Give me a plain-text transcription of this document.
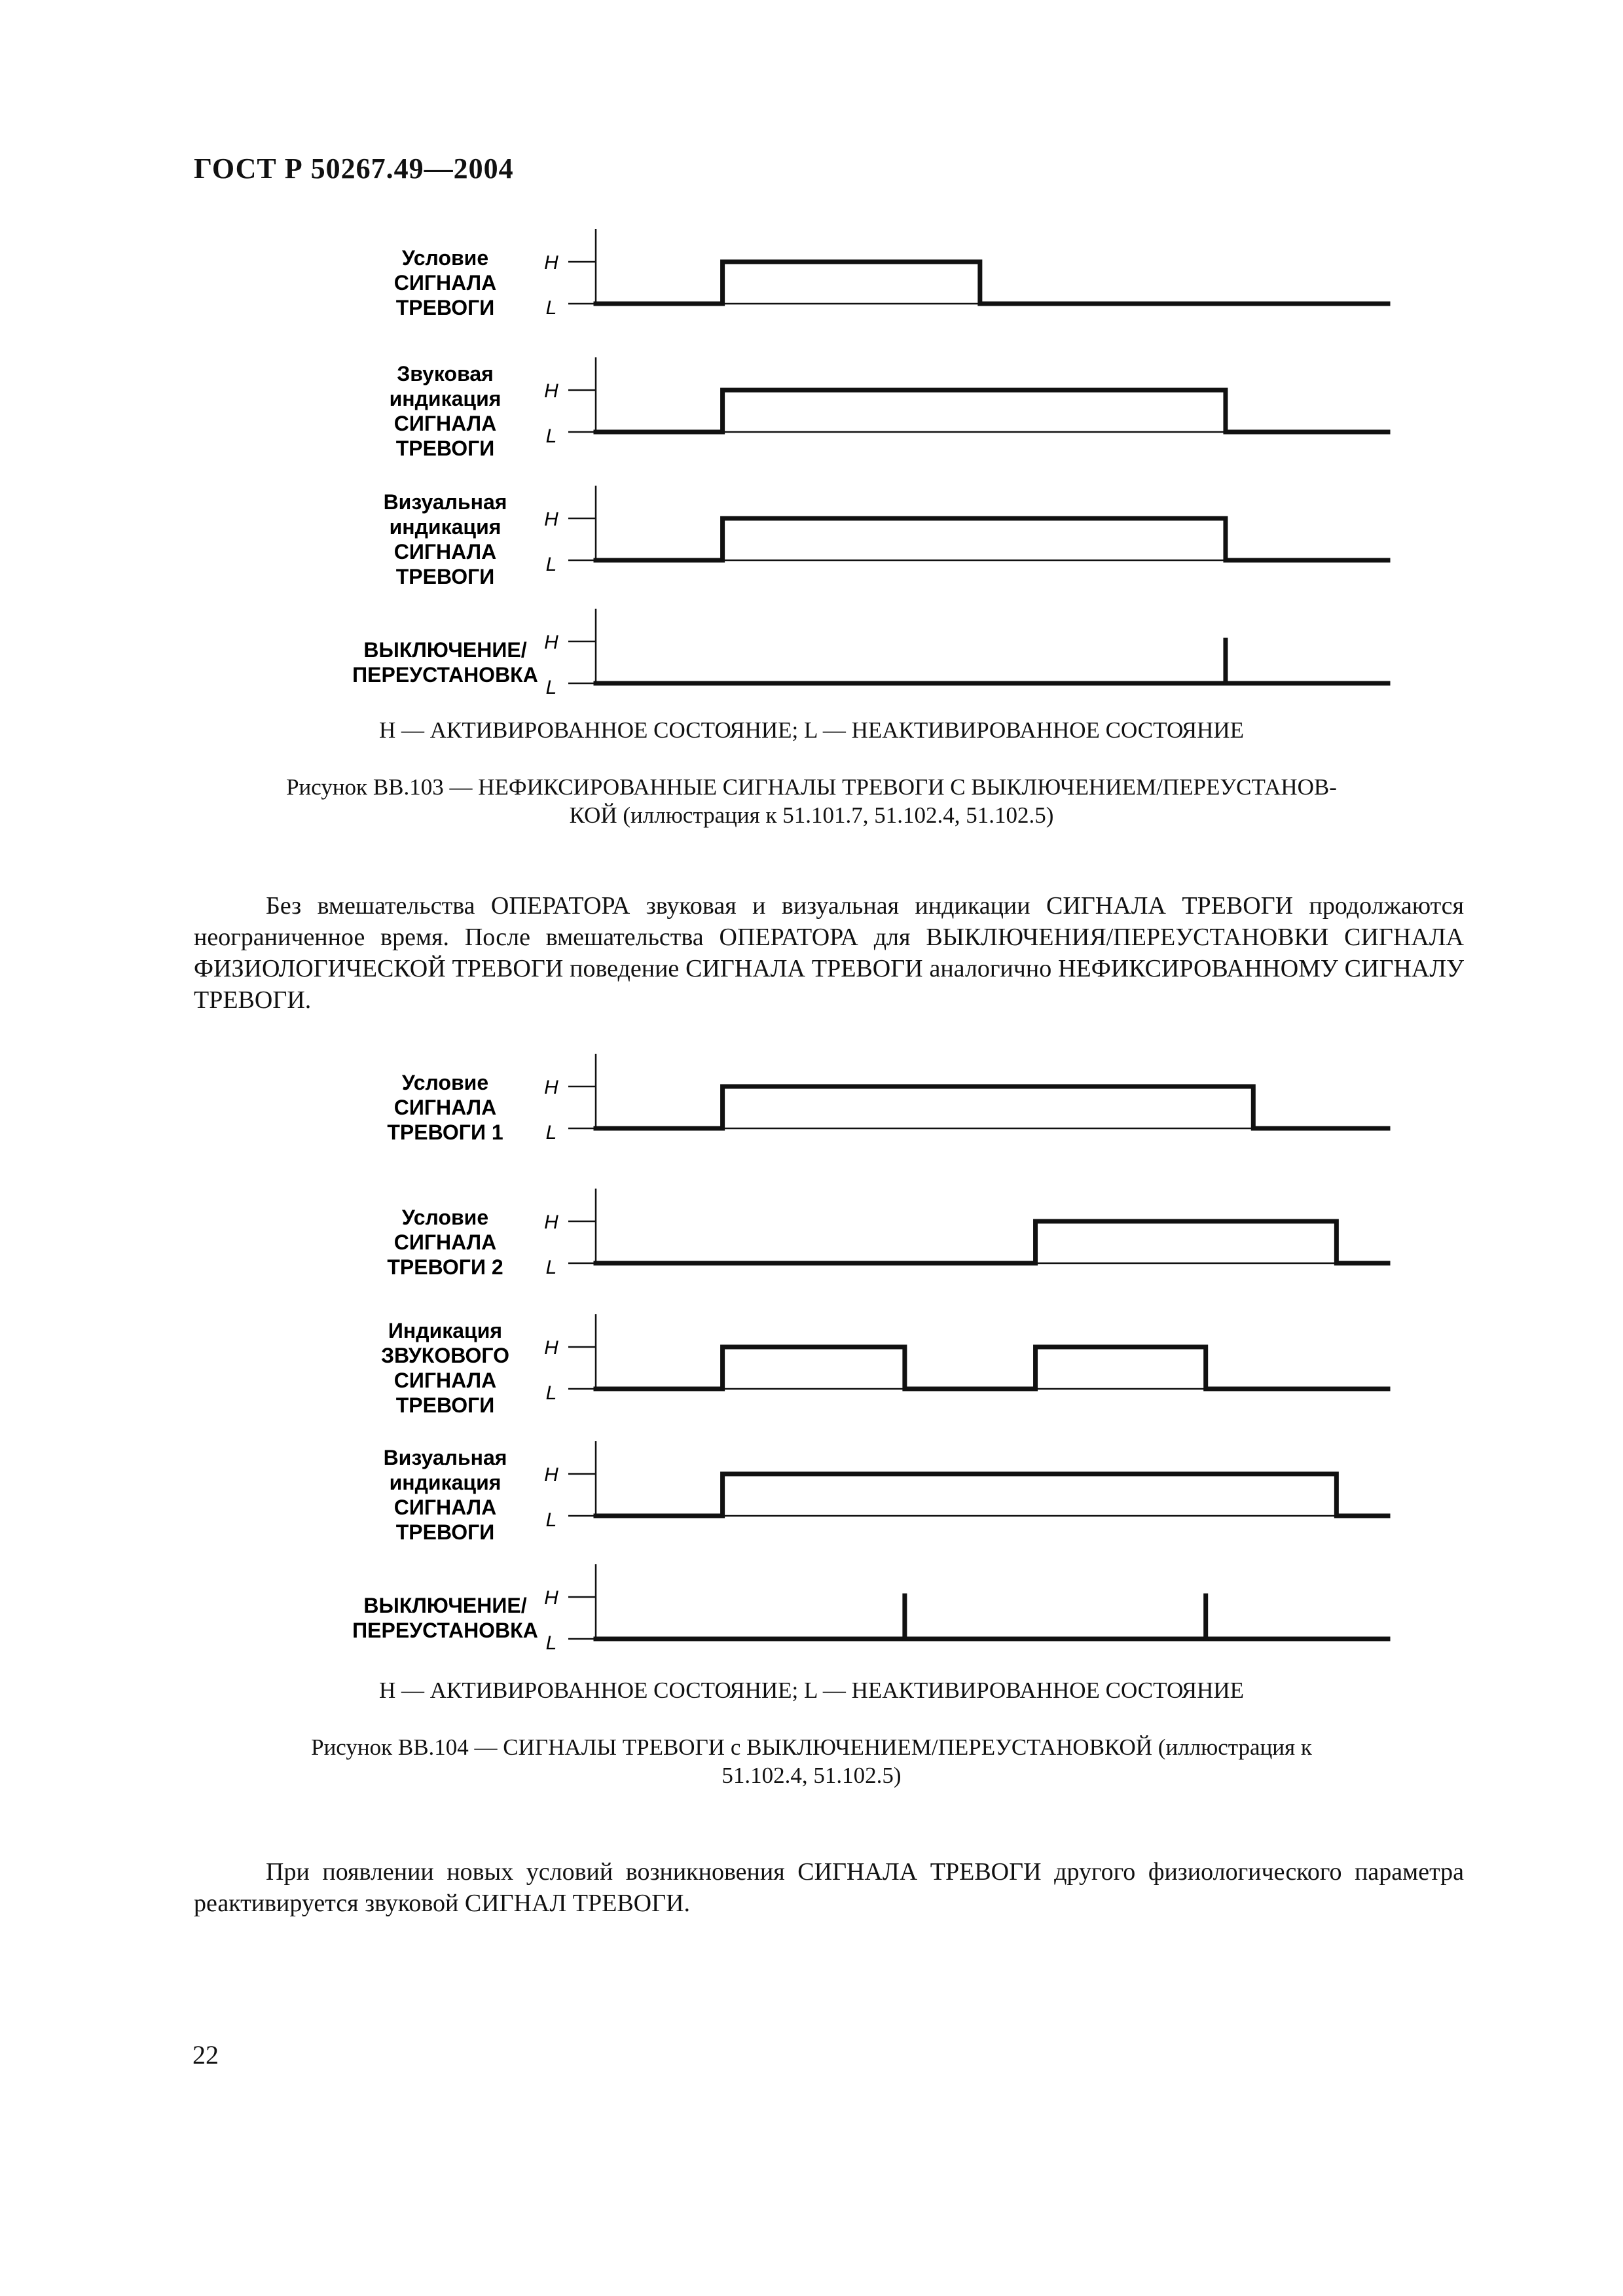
ГОСТ Р 50267.49—2004
Условие
СИГНАЛА
ТРЕВОГИ
H
L
Звуковая
индикация
СИГНАЛА
ТРЕВОГИ
H
L
Визуальная
индикация
СИГНАЛА
ТРЕВОГИ
H
L
ВЫКЛЮЧЕНИЕ/
ПЕРЕУСТАНОВКА
H
L
H — АКТИВИРОВАННОЕ СОСТОЯНИЕ; L — НЕАКТИВИРОВАННОЕ СОСТОЯНИЕ
Рисунок ВВ.103 — НЕФИКСИРОВАННЫЕ СИГНАЛЫ ТРЕВОГИ С ВЫКЛЮЧЕНИЕМ/ПЕРЕУСТАНОВ-
КОЙ (иллюстрация к 51.101.7, 51.102.4, 51.102.5)

Без вмешательства ОПЕРАТОРА звуковая и визуальная индикации СИГНАЛА ТРЕВОГИ продолжаются неограниченное время. После вмешательства ОПЕРАТОРА для ВЫКЛЮЧЕНИЯ/ПЕРЕУСТАНОВКИ СИГНАЛА ФИЗИОЛОГИЧЕСКОЙ ТРЕВОГИ поведение СИГНАЛА ТРЕВОГИ аналогично НЕФИКСИРОВАННОМУ СИГНАЛУ ТРЕВОГИ.

Условие
СИГНАЛА
ТРЕВОГИ 1
H
L
Условие
СИГНАЛА
ТРЕВОГИ 2
H
L
Индикация
ЗВУКОВОГО
СИГНАЛА
ТРЕВОГИ
H
L
Визуальная
индикация
СИГНАЛА
ТРЕВОГИ
H
L
ВЫКЛЮЧЕНИЕ/
ПЕРЕУСТАНОВКА
H
L
H — АКТИВИРОВАННОЕ СОСТОЯНИЕ; L — НЕАКТИВИРОВАННОЕ СОСТОЯНИЕ
Рисунок ВВ.104 — СИГНАЛЫ ТРЕВОГИ с ВЫКЛЮЧЕНИЕМ/ПЕРЕУСТАНОВКОЙ (иллюстрация к
51.102.4, 51.102.5)

При появлении новых условий возникновения СИГНАЛА ТРЕВОГИ другого физиологического параметра реактивируется звуковой СИГНАЛ ТРЕВОГИ.

22
